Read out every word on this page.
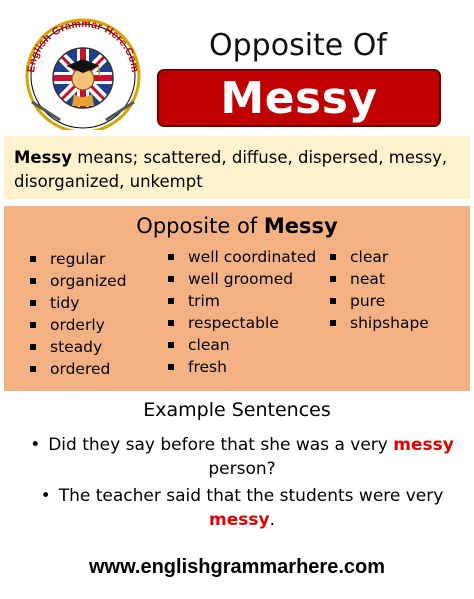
English Grammar Here.Com
Opposite Of
Messy
Messy means; scattered, diffuse, dispersed, messy, disorganized, unkempt
Opposite of Messy
regular
organized
tidy
orderly
steady
ordered
well coordinated
well groomed
trim
respectable
clean
fresh
clear
neat
pure
shipshape
Example Sentences
• Did they say before that she was a very messy person?
• The teacher said that the students were very messy.
www.englishgrammarhere.com
